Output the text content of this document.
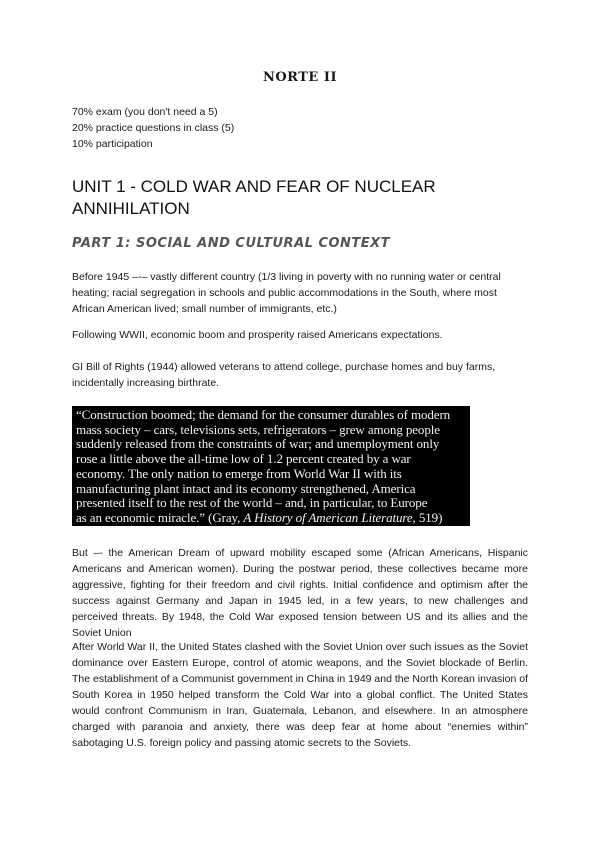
NORTE II
70% exam (you don't need a 5)
20% practice questions in class (5)
10% participation
UNIT 1 - COLD WAR AND FEAR OF NUCLEAR ANNIHILATION
PART 1: SOCIAL AND CULTURAL CONTEXT

Before 1945 –-– vastly different country (1/3 living in poverty with no running water or central heating; racial segregation in schools and public accommodations in the South, where most African American lived; small number of immigrants, etc.)

Following WWII, economic boom and prosperity raised Americans expectations.

GI Bill of Rights (1944) allowed veterans to attend college, purchase homes and buy farms, incidentally increasing birthrate.

“Construction boomed; the demand for the consumer durables of modern
mass society – cars, televisions sets, refrigerators – grew among people
suddenly released from the constraints of war; and unemployment only
rose a little above the all-time low of 1.2 percent created by a war
economy. The only nation to emerge from World War II with its
manufacturing plant intact and its economy strengthened, America
presented itself to the rest of the world – and, in particular, to Europe
as an economic miracle.” (Gray, A History of American Literature, 519)

But –- the American Dream of upward mobility escaped some (African Americans, Hispanic Americans and American women). During the postwar period, these collectives became more aggressive, fighting for their freedom and civil rights. Initial confidence and optimism after the success against Germany and Japan in 1945 led, in a few years, to new challenges and perceived threats. By 1948, the Cold War exposed tension between US and its allies and the Soviet Union

After World War II, the United States clashed with the Soviet Union over such issues as the Soviet dominance over Eastern Europe, control of atomic weapons, and the Soviet blockade of Berlin. The establishment of a Communist government in China in 1949 and the North Korean invasion of South Korea in 1950 helped transform the Cold War into a global conflict. The United States would confront Communism in Iran, Guatemala, Lebanon, and elsewhere. In an atmosphere charged with paranoia and anxiety, there was deep fear at home about “enemies within” sabotaging U.S. foreign policy and passing atomic secrets to the Soviets.
